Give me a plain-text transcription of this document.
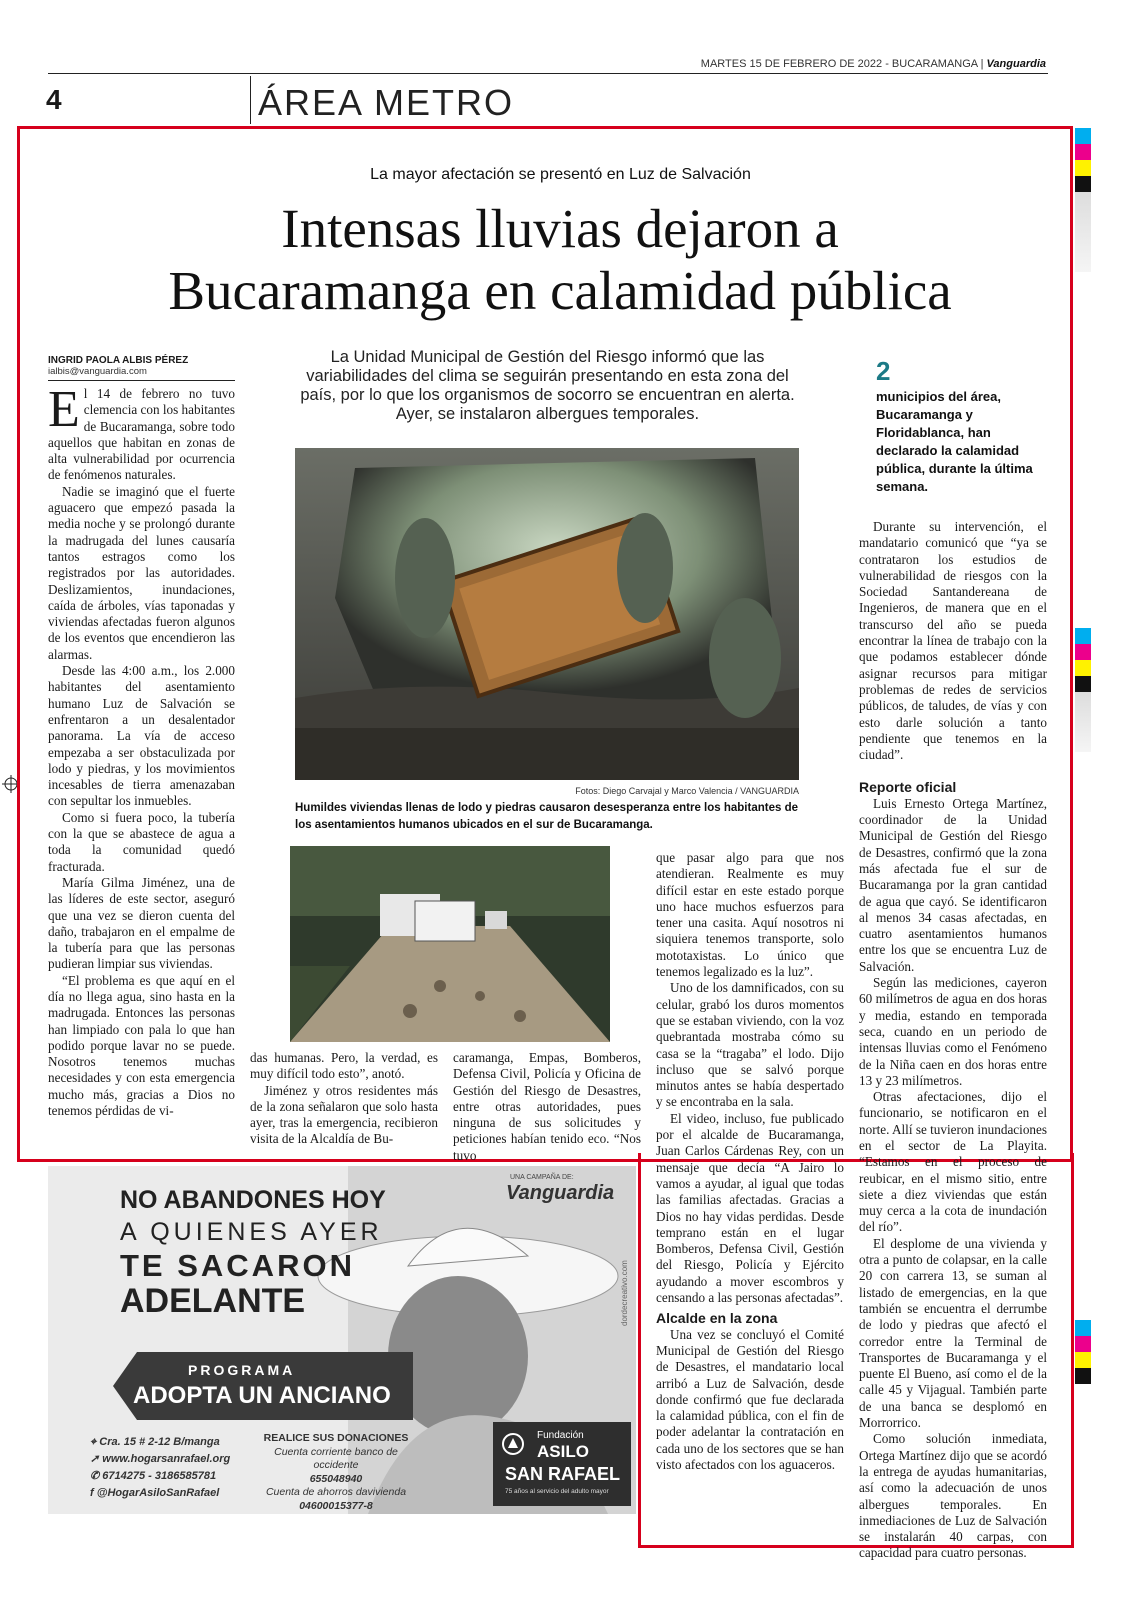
MARTES 15 DE FEBRERO DE 2022 - BUCARAMANGA | Vanguardia
4	ÁREA METRO
La mayor afectación se presentó en Luz de Salvación
Intensas lluvias dejaron a
Bucaramanga en calamidad pública
INGRID PAOLA ALBIS PÉREZ
ialbis@vanguardia.com
La Unidad Municipal de Gestión del Riesgo informó que las variabilidades del clima se seguirán presentando en esta zona del país, por lo que los organismos de socorro se encuentran en alerta. Ayer, se instalaron albergues temporales.
2
municipios del área, Bucaramanga y Floridablanca, han declarado la calamidad pública, durante la última semana.

El 14 de febrero no tuvo clemencia con los habitantes de Bucaramanga, sobre todo aquellos que habitan en zonas de alta vulnerabilidad por ocurrencia de fenómenos naturales.

Nadie se imaginó que el fuerte aguacero que empezó pasada la media noche y se prolongó durante la madrugada del lunes causaría tantos estragos como los registrados por las autoridades. Deslizamientos, inundaciones, caída de árboles, vías taponadas y viviendas afectadas fueron algunos de los eventos que encendieron las alarmas.

Desde las 4:00 a.m., los 2.000 habitantes del asentamiento humano Luz de Salvación se enfrentaron a un desalentador panorama. La vía de acceso empezaba a ser obstaculizada por lodo y piedras, y los movimientos incesables de tierra amenazaban con sepultar los inmuebles.

Como si fuera poco, la tubería con la que se abastece de agua a toda la comunidad quedó fracturada.

María Gilma Jiménez, una de las líderes de este sector, aseguró que una vez se dieron cuenta del daño, trabajaron en el empalme de la tubería para que las personas pudieran limpiar sus viviendas.

“El problema es que aquí en el día no llega agua, sino hasta en la madrugada. Entonces las personas han limpiado con pala lo que han podido porque lavar no se puede. Nosotros tenemos muchas necesidades y con esta emergencia mucho más, gracias a Dios no tenemos pérdidas de vi-

Fotos: Diego Carvajal y Marco Valencia / VANGUARDIA
Humildes viviendas llenas de lodo y piedras causaron desesperanza entre los habitantes de los asentamientos humanos ubicados en el sur de Bucaramanga.

das humanas. Pero, la verdad, es muy difícil todo esto”, anotó.

Jiménez y otros residentes más de la zona señalaron que solo hasta ayer, tras la emergencia, recibieron visita de la Alcaldía de Bu-

caramanga, Empas, Bomberos, Defensa Civil, Policía y Oficina de Gestión del Riesgo de Desastres, entre otras autoridades, pues ninguna de sus solicitudes y peticiones habían tenido eco. “Nos tuvo

que pasar algo para que nos atendieran. Realmente es muy difícil estar en este estado porque uno hace muchos esfuerzos para tener una casita. Aquí nosotros ni siquiera tenemos transporte, solo mototaxistas. Lo único que tenemos legalizado es la luz”.

Uno de los damnificados, con su celular, grabó los duros momentos que se estaban viviendo, con la voz quebrantada mostraba cómo su casa se la “tragaba” el lodo. Dijo incluso que se salvó porque minutos antes se había despertado y se encontraba en la sala.

El video, incluso, fue publicado por el alcalde de Bucaramanga, Juan Carlos Cárdenas Rey, con un mensaje que decía “A Jairo lo vamos a ayudar, al igual que todas las familias afectadas. Gracias a Dios no hay vidas perdidas. Desde temprano están en el lugar Bomberos, Defensa Civil, Gestión del Riesgo, Policía y Ejército ayudando a mover escombros y censando a las personas afectadas”.

Alcalde en la zona

Una vez se concluyó el Comité Municipal de Gestión del Riesgo de Desastres, el mandatario local arribó a Luz de Salvación, desde donde confirmó que fue declarada la calamidad pública, con el fin de poder adelantar la contratación en cada uno de los sectores que se han visto afectados con los aguaceros.

Durante su intervención, el mandatario comunicó que “ya se contrataron los estudios de vulnerabilidad de riesgos con la Sociedad Santandereana de Ingenieros, de manera que en el transcurso del año se pueda encontrar la línea de trabajo con la que podamos establecer dónde asignar recursos para mitigar problemas de redes de servicios públicos, de taludes, de vías y con esto darle solución a tanto pendiente que tenemos en la ciudad”.

Reporte oficial

Luis Ernesto Ortega Martínez, coordinador de la Unidad Municipal de Gestión del Riesgo de Desastres, confirmó que la zona más afectada fue el sur de Bucaramanga por la gran cantidad de agua que cayó. Se identificaron al menos 34 casas afectadas, en cuatro asentamientos humanos entre los que se encuentra Luz de Salvación.

Según las mediciones, cayeron 60 milímetros de agua en dos horas y media, estando en temporada seca, cuando en un periodo de intensas lluvias como el Fenómeno de la Niña caen en dos horas entre 13 y 23 milímetros.

Otras afectaciones, dijo el funcionario, se notificaron en el norte. Allí se tuvieron inundaciones en el sector de La Playita. “Estamos en el proceso de reubicar, en el mismo sitio, entre siete a diez viviendas que están muy cerca a la cota de inundación del río”.

El desplome de una vivienda y otra a punto de colapsar, en la calle 20 con carrera 13, se suman al listado de emergencias, en la que también se encuentra el derrumbe de lodo y piedras que afectó el corredor entre la Terminal de Transportes de Bucaramanga y el puente El Bueno, así como el de la calle 45 y Vijagual. También parte de una banca se desplomó en Morrorrico.

Como solución inmediata, Ortega Martínez dijo que se acordó la entrega de ayudas humanitarias, así como la adecuación de unos albergues temporales. En inmediaciones de Luz de Salvación se instalarán 40 carpas, con capacidad para cuatro personas.

UNA CAMPAÑA DE:
Vanguardia
NO ABANDONES HOY
A QUIENES AYER
TE SACARON
ADELANTE	dordecreativo.com
PROGRAMA
ADOPTA UN ANCIANO
⌖ Cra. 15 # 2-12 B/manga
➚ www.hogarsanrafael.org
✆ 6714275 - 3186585781
f @HogarAsiloSanRafael
REALICE SUS DONACIONES
Cuenta corriente banco de occidente
655048940
Cuenta de ahorros davivienda
04600015377-8
Fundación
ASILO
SAN RAFAEL
75 años al servicio del adulto mayor
